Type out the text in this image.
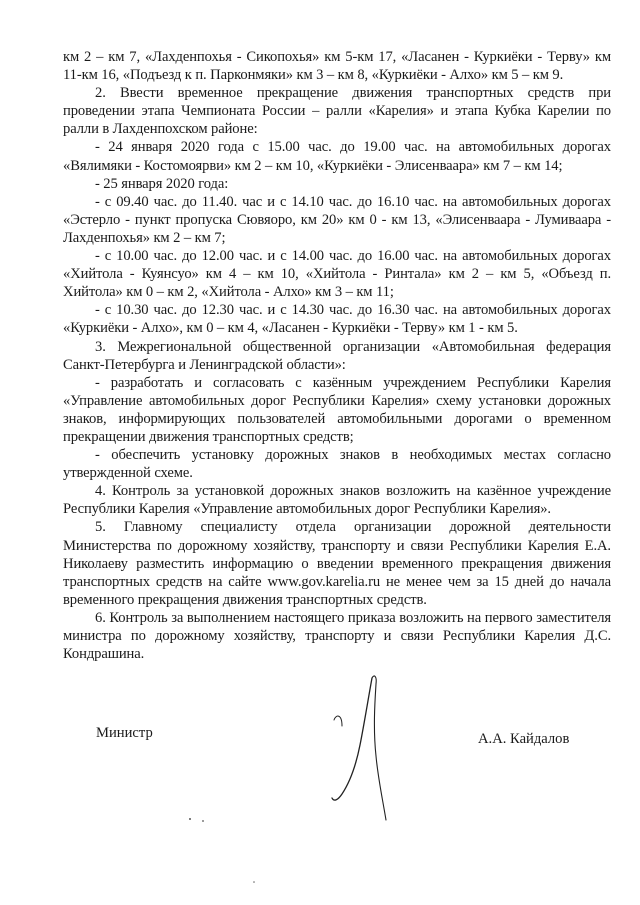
км 2 – км 7, «Лахденпохья - Сикопохья» км 5-км 17, «Ласанен - Куркиёки - Терву» км 11-км 16, «Подъезд к п. Парконмяки» км 3 – км 8, «Куркиёки - Алхо» км 5 – км 9.

2. Ввести временное прекращение движения транспортных средств при проведении этапа Чемпионата России – ралли «Карелия» и этапа Кубка Карелии по ралли в Лахденпохском районе:

- 24 января 2020 года с 15.00 час. до 19.00 час. на автомобильных дорогах «Вялимяки - Костомоярви» км 2 – км 10, «Куркиёки - Элисенваара» км 7 – км 14;

- 25 января 2020 года:

- с 09.40 час. до 11.40. час и с 14.10 час. до 16.10 час. на автомобильных дорогах «Эстерло - пункт пропуска Сювяоро, км 20» км 0 - км 13, «Элисенваара - Лумиваара - Лахденпохья» км 2 – км 7;

- с 10.00 час. до 12.00 час. и с 14.00 час. до 16.00 час. на автомобильных дорогах «Хийтола - Куянсуо» км 4 – км 10, «Хийтола - Ринтала» км 2 – км 5, «Объезд п. Хийтола» км 0 – км 2, «Хийтола - Алхо» км 3 – км 11;

- с 10.30 час. до 12.30 час. и с 14.30 час. до 16.30 час. на автомобильных дорогах «Куркиёки - Алхо», км 0 – км 4, «Ласанен - Куркиёки - Терву» км 1 - км 5.

3. Межрегиональной общественной организации «Автомобильная федерация Санкт-Петербурга и Ленинградской области»:

- разработать и согласовать с казённым учреждением Республики Карелия «Управление автомобильных дорог Республики Карелия» схему установки дорожных знаков, информирующих пользователей автомобильными дорогами о временном прекращении движения транспортных средств;

- обеспечить установку дорожных знаков в необходимых местах согласно утвержденной схеме.

4. Контроль за установкой дорожных знаков возложить на казённое учреждение Республики Карелия «Управление автомобильных дорог Республики Карелия».

5. Главному специалисту отдела организации дорожной деятельности Министерства по дорожному хозяйству, транспорту и связи Республики Карелия Е.А. Николаеву разместить информацию о введении временного прекращения движения транспортных средств на сайте www.gov.karelia.ru не менее чем за 15 дней до начала временного прекращения движения транспортных средств.

6. Контроль за выполнением настоящего приказа возложить на первого заместителя министра по дорожному хозяйству, транспорту и связи Республики Карелия Д.С. Кондрашина.

Министр	А.А. Кайдалов
